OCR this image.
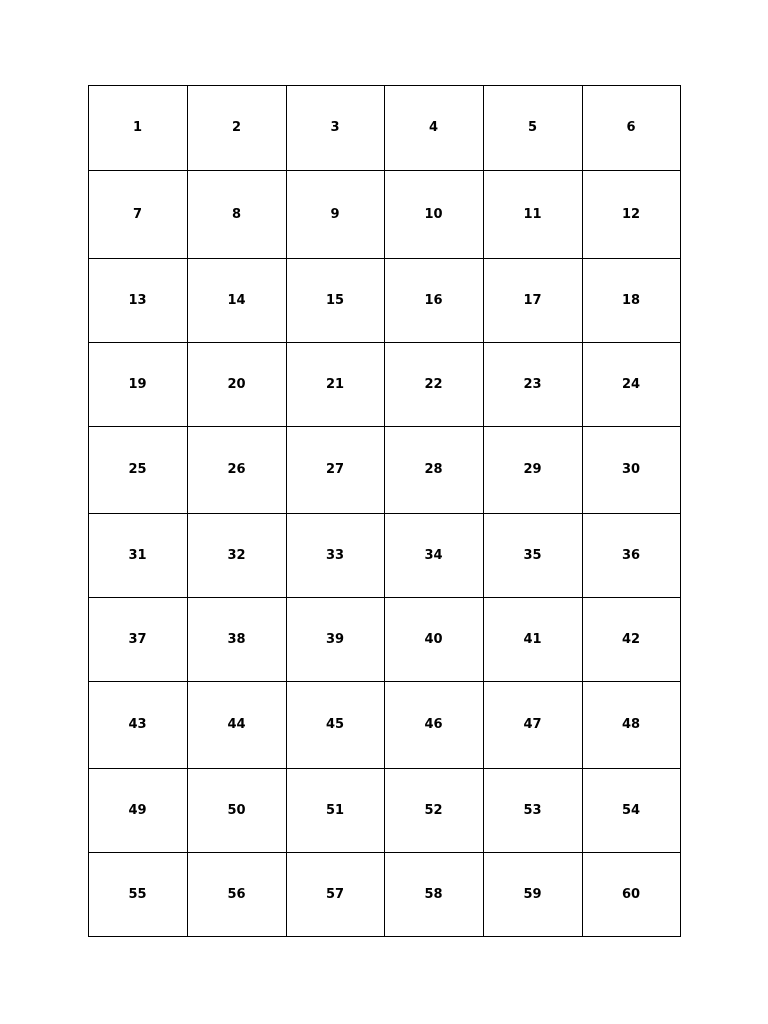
1	2	3	4	5	6
7	8	9	10	11	12
13	14	15	16	17	18
19	20	21	22	23	24
25	26	27	28	29	30
31	32	33	34	35	36
37	38	39	40	41	42
43	44	45	46	47	48
49	50	51	52	53	54
55	56	57	58	59	60
